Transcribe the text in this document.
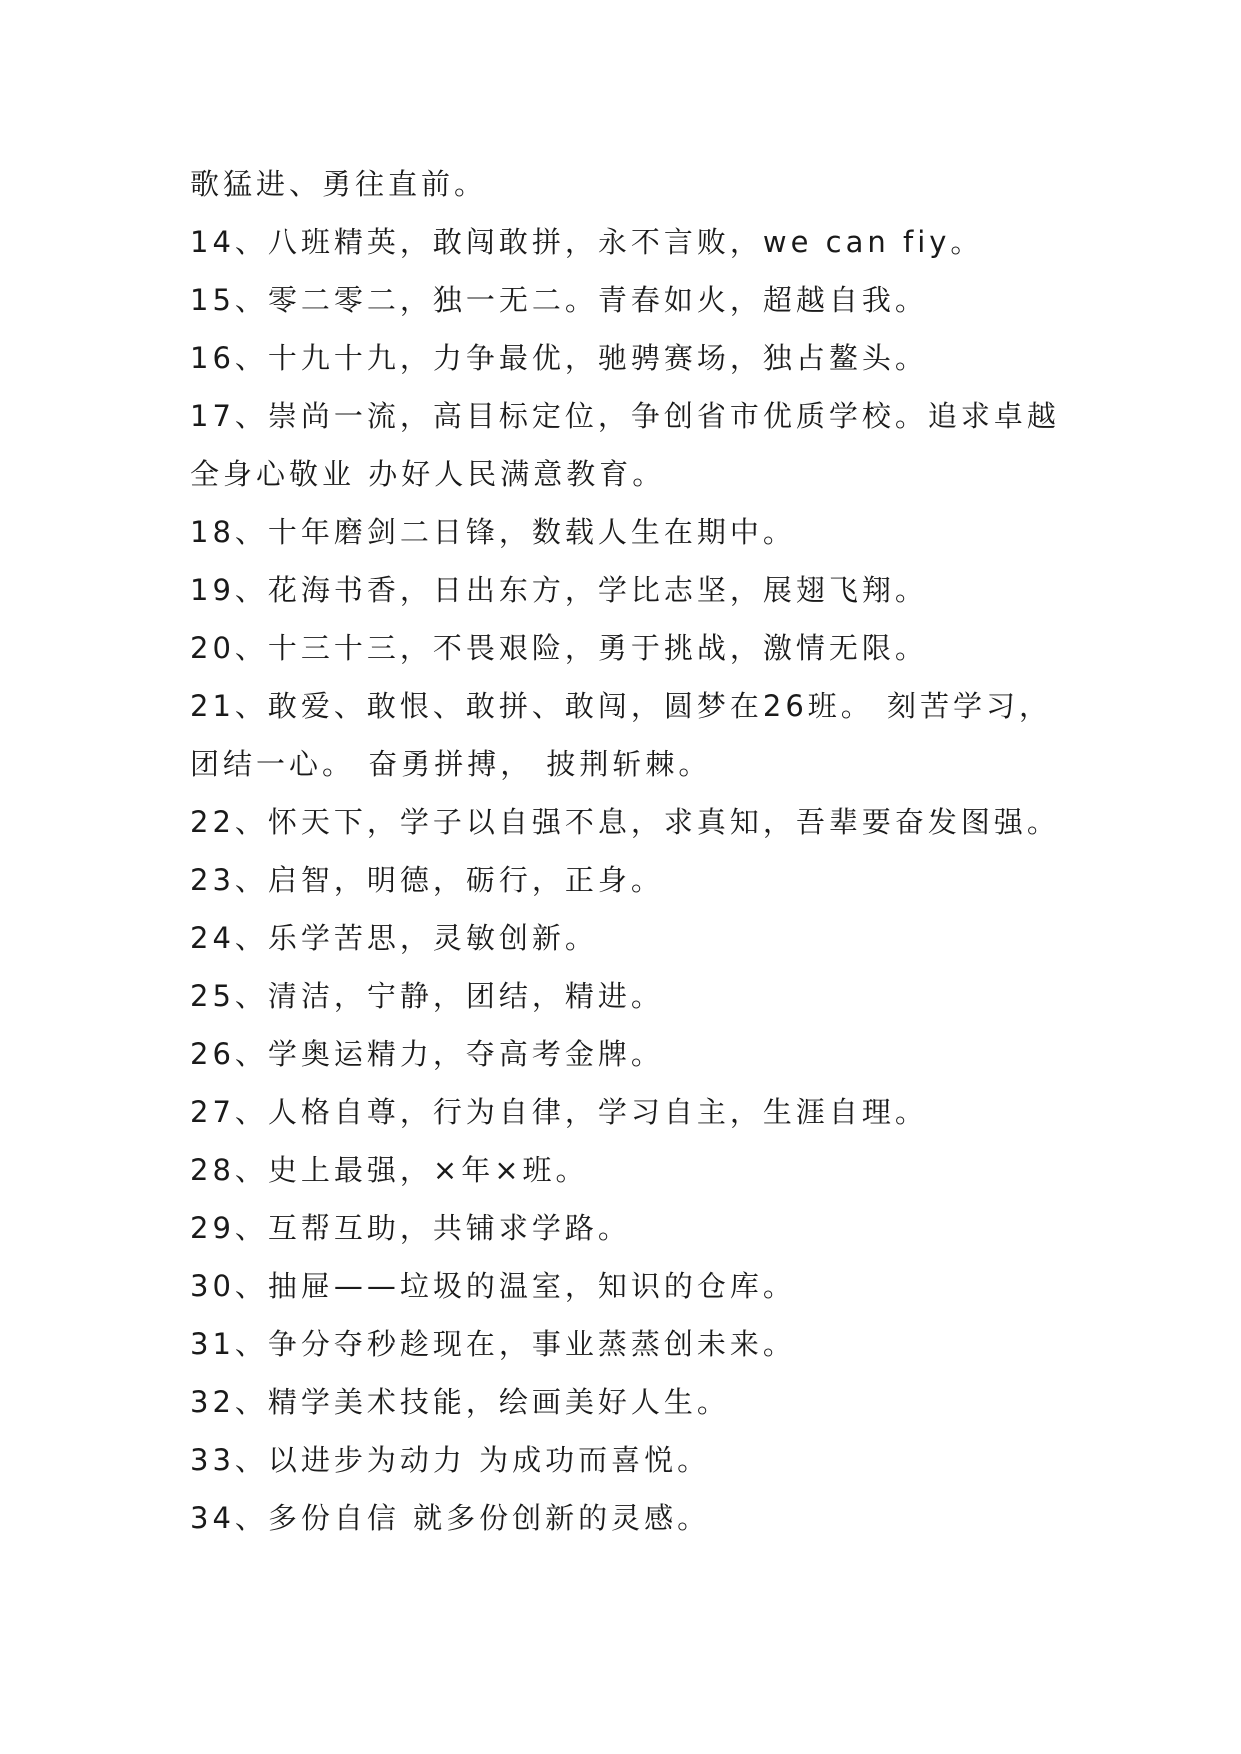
歌猛进、勇往直前。
14、八班精英，敢闯敢拼，永不言败，we can fiy。
15、零二零二，独一无二。青春如火，超越自我。
16、十九十九，力争最优，驰骋赛场，独占鳌头。
17、崇尚一流，高目标定位，争创省市优质学校。追求卓越
全身心敬业 办好人民满意教育。
18、十年磨剑二日锋，数载人生在期中。
19、花海书香，日出东方，学比志坚，展翅飞翔。
20、十三十三，不畏艰险，勇于挑战，激情无限。
21、敢爱、敢恨、敢拼、敢闯，圆梦在26班。 刻苦学习，
团结一心。 奋勇拼搏， 披荆斩棘。
22、怀天下，学子以自强不息，求真知，吾辈要奋发图强。
23、启智，明德，砺行，正身。
24、乐学苦思，灵敏创新。
25、清洁，宁静，团结，精进。
26、学奥运精力，夺高考金牌。
27、人格自尊，行为自律，学习自主，生涯自理。
28、史上最强，×年×班。
29、互帮互助，共铺求学路。
30、抽屉——垃圾的温室，知识的仓库。
31、争分夺秒趁现在，事业蒸蒸创未来。
32、精学美术技能，绘画美好人生。
33、以进步为动力 为成功而喜悦。
34、多份自信 就多份创新的灵感。
